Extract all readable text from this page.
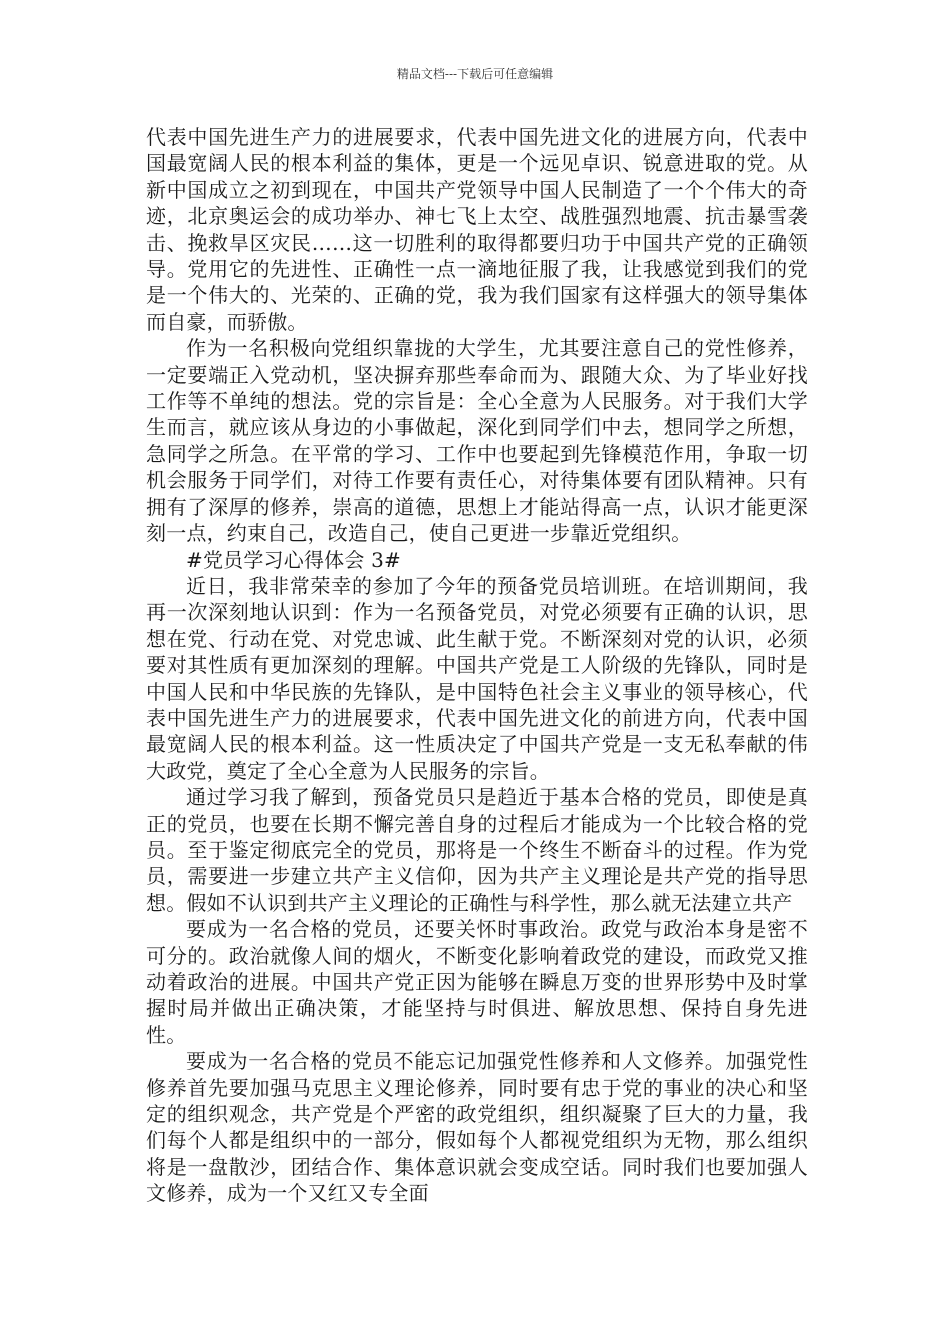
精品文档---下载后可任意编辑

代表中国先进生产力的进展要求，代表中国先进文化的进展方向，代表中国最宽阔人民的根本利益的集体，更是一个远见卓识、锐意进取的党。从新中国成立之初到现在，中国共产党领导中国人民制造了一个个伟大的奇迹，北京奥运会的成功举办、神七飞上太空、战胜强烈地震、抗击暴雪袭击、挽救旱区灾民……这一切胜利的取得都要归功于中国共产党的正确领导。党用它的先进性、正确性一点一滴地征服了我，让我感觉到我们的党是一个伟大的、光荣的、正确的党，我为我们国家有这样强大的领导集体而自豪，而骄傲。

作为一名积极向党组织靠拢的大学生，尤其要注意自己的党性修养，一定要端正入党动机，坚决摒弃那些奉命而为、跟随大众、为了毕业好找工作等不单纯的想法。党的宗旨是：全心全意为人民服务。对于我们大学生而言，就应该从身边的小事做起，深化到同学们中去，想同学之所想，急同学之所急。在平常的学习、工作中也要起到先锋模范作用，争取一切机会服务于同学们，对待工作要有责任心，对待集体要有团队精神。只有拥有了深厚的修养，崇高的道德，思想上才能站得高一点，认识才能更深刻一点，约束自己，改造自己，使自己更进一步靠近党组织。

#党员学习心得体会 3#

近日，我非常荣幸的参加了今年的预备党员培训班。在培训期间，我再一次深刻地认识到：作为一名预备党员，对党必须要有正确的认识，思想在党、行动在党、对党忠诚、此生献于党。不断深刻对党的认识，必须要对其性质有更加深刻的理解。中国共产党是工人阶级的先锋队，同时是中国人民和中华民族的先锋队，是中国特色社会主义事业的领导核心，代表中国先进生产力的进展要求，代表中国先进文化的前进方向，代表中国最宽阔人民的根本利益。这一性质决定了中国共产党是一支无私奉献的伟大政党，奠定了全心全意为人民服务的宗旨。

通过学习我了解到，预备党员只是趋近于基本合格的党员，即使是真正的党员，也要在长期不懈完善自身的过程后才能成为一个比较合格的党员。至于鉴定彻底完全的党员，那将是一个终生不断奋斗的过程。作为党员，需要进一步建立共产主义信仰，因为共产主义理论是共产党的指导思想。假如不认识到共产主义理论的正确性与科学性，那么就无法建立共产

要成为一名合格的党员，还要关怀时事政治。政党与政治本身是密不可分的。政治就像人间的烟火，不断变化影响着政党的建设，而政党又推动着政治的进展。中国共产党正因为能够在瞬息万变的世界形势中及时掌握时局并做出正确决策，才能坚持与时俱进、解放思想、保持自身先进性。

要成为一名合格的党员不能忘记加强党性修养和人文修养。加强党性修养首先要加强马克思主义理论修养，同时要有忠于党的事业的决心和坚定的组织观念，共产党是个严密的政党组织，组织凝聚了巨大的力量，我们每个人都是组织中的一部分，假如每个人都视党组织为无物，那么组织将是一盘散沙，团结合作、集体意识就会变成空话。同时我们也要加强人文修养，成为一个又红又专全面
